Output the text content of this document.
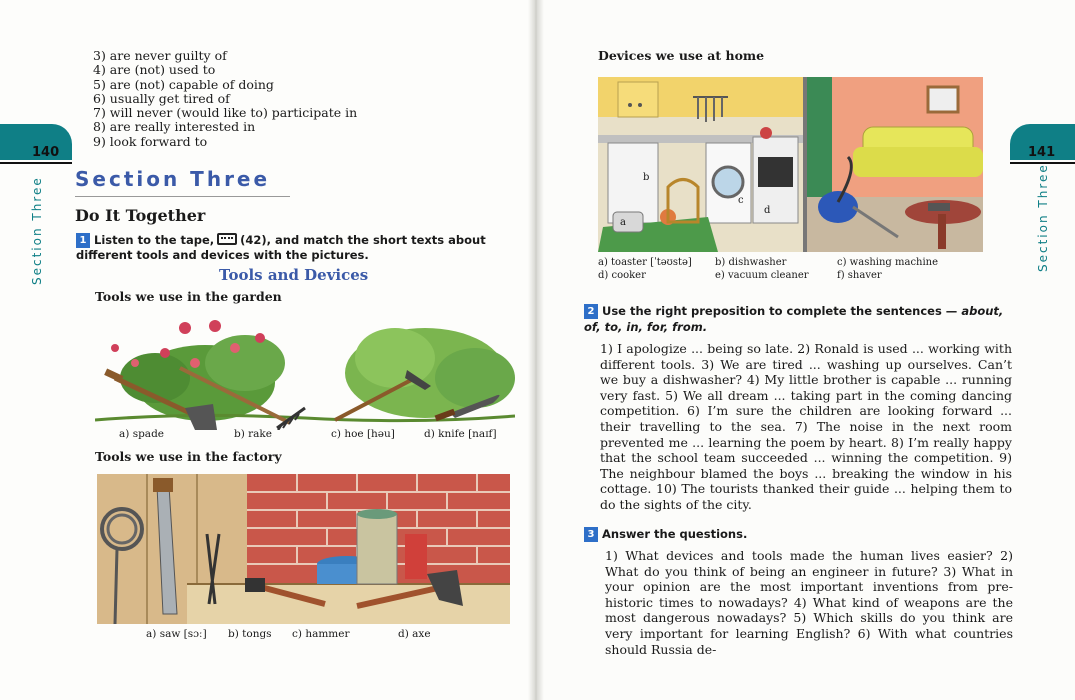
3) are never guilty of
4) are (not) used to
5) are (not) capable of doing
6) usually get tired of
7) will never (would like to) participate in
8) are really interested in
9) look forward to
140
Section Three Section Three
Do It Together
1 Listen to the tape, (42), and match the short texts about different tools and devices with the pictures.
Tools and Devices
Tools we use in the garden
a) spade	b) rake	c) hoe [həu]	d) knife [naɪf]
Tools we use in the factory
a) saw [sɔː] b) tongs c) hammer	d) axe
Devices we use at home
a
b
c
d
a) toaster [ˈtəʊstə] b) dishwasher	c) washing machine
d) cooker	e) vacuum cleaner	f) shaver
2 Use the right preposition to complete the sentences — about, of, to, in, for, from.
1) I apologize ... being so late. 2) Ronald is used ... working with different tools. 3) We are tired ... washing up ourselves. Can’t we buy a dishwasher? 4) My little brother is capable ... running very fast. 5) We all dream ... taking part in the coming dancing competition. 6) I’m sure the children are looking forward ... their travelling to the sea. 7) The noise in the next room prevented me ... learning the poem by heart. 8) I’m really happy that the school team succeeded ... winning the competition. 9) The neighbour blamed the boys ... breaking the window in his cottage. 10) The tourists thanked their guide ... helping them to do the sights of the city.
3 Answer the questions.
1) What devices and tools made the human lives easier? 2) What do you think of being an engineer in future? 3) What in your opinion are the most important inventions from pre-historic times to nowadays? 4) What kind of weapons are the most dangerous nowadays? 5) Which skills do you think are very important for learning English? 6) With what countries should Russia de-
141
Section Three
